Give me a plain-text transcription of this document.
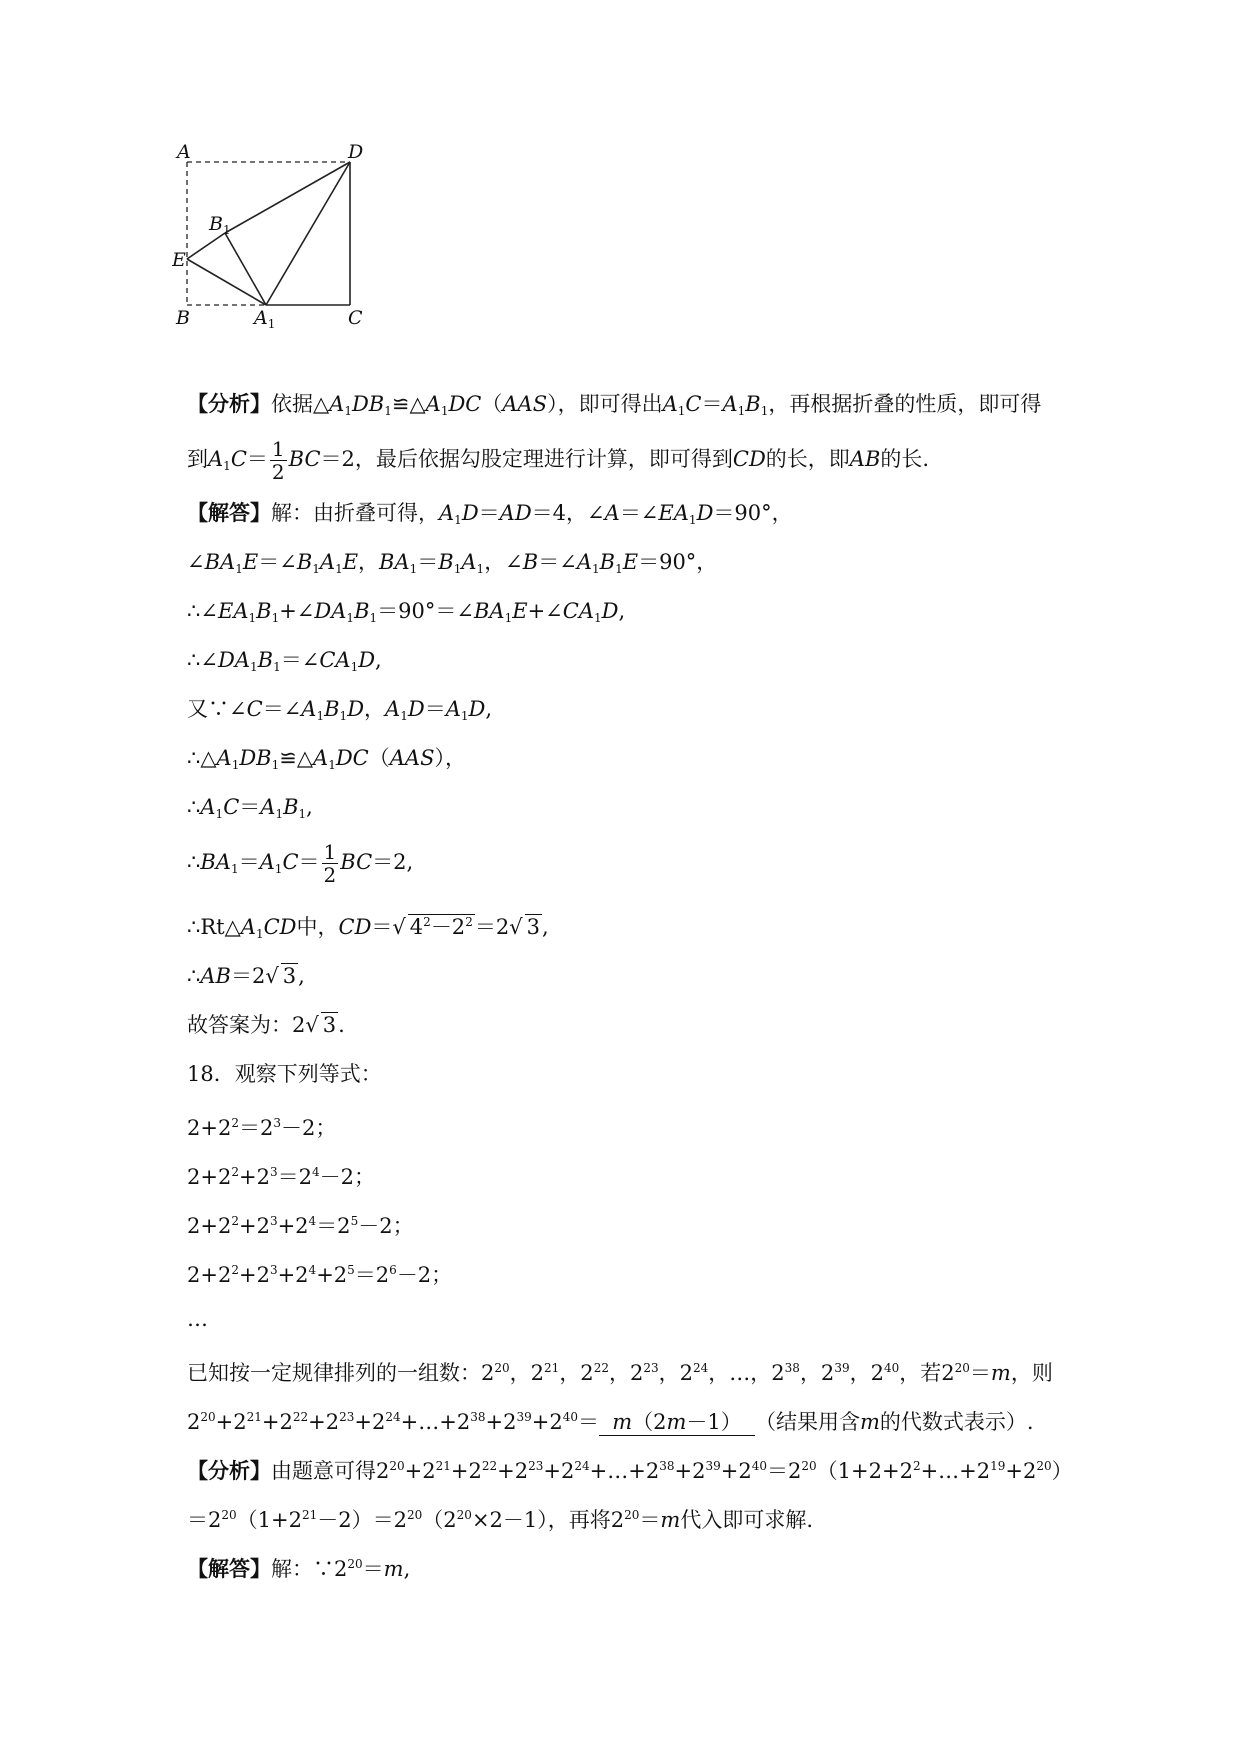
A	D
$B_1$
E
B	$A_1$	C
【分析】依据$\triangle A_1DB_1≌\triangle A_1DC(AAS)$，即可得出$A_1C=A_1B_1$，再根据折叠的性质，即可得
到$A_1C= \frac{1}{2} BC=2$，最后依据勾股定理进行计算，即可得到CD的长，即AB的长.
【解答】解：由折叠可得，$A_1D=AD=4$，$\angle A=\angle EA_1D=90^\circ$，
$\angle BA_1E=\angle B_1A_1E$，$BA_1=B_1A_1$，$\angle B=\angle A_1B_1E=90^\circ$，
$\therefore\angle EA_1B_1+\angle DA_1B_1=90^\circ=\angle BA_1E+\angle CA_1D$,
$\therefore\angle DA_1B_1=\angle CA_1D$,
又$\because\angle C=\angle A_1B_1D$，$A_1D=A_1D$,
$\therefore\triangle A_1DB_1≌\triangle A_1DC(AAS)$，
$\therefore A_1C=A_1B_1$,
$\therefore BA_1=A_1C= \frac{1}{2} BC=2$,
$\therefore Rt\triangle A_1CD$中，CD＝√ $4^2-2^2=2√$ 3,
∴AB＝2√ 3,
故答案为：2√ 3.
18．观察下列等式：
$2+2^2=2^3-2$；
$2+2^2+2^3=2^4-2$；
$2+2^2+2^3+2^4=2^5-2$；
$2+2^2+2^3+2^4+2^5=2^6-2$；
…
已知按一定规律排列的一组数：$2^{20}$，$2^{21}$，$2^{22}$，$2^{23}$，$2^{24}$，…，$2^{38}$，$2^{39}$，$2^{40}$，若$2^{20}=m$，则
$2^{20}+2^{21}+2^{22}+2^{23}+2^{24}+\dots+2^{38}+2^{39}+2^{40}= m(2m-1)$ （结果用含m的代数式表示）.
【分析】由题意可得$2^{20}+2^{21}+2^{22}+2^{23}+2^{24}+\dots+2^{38}+2^{39}+2^{40}=2^{20}(1+2+2^2+\dots+2^{19}+2^{20})$
$=2^{20}(1+2^{21}-2)=2^{20}(2^{20}\times 2-1)$，再将$2^{20}=m$代入即可求解.
【解答】解：$\because 2^{20}=m$,
